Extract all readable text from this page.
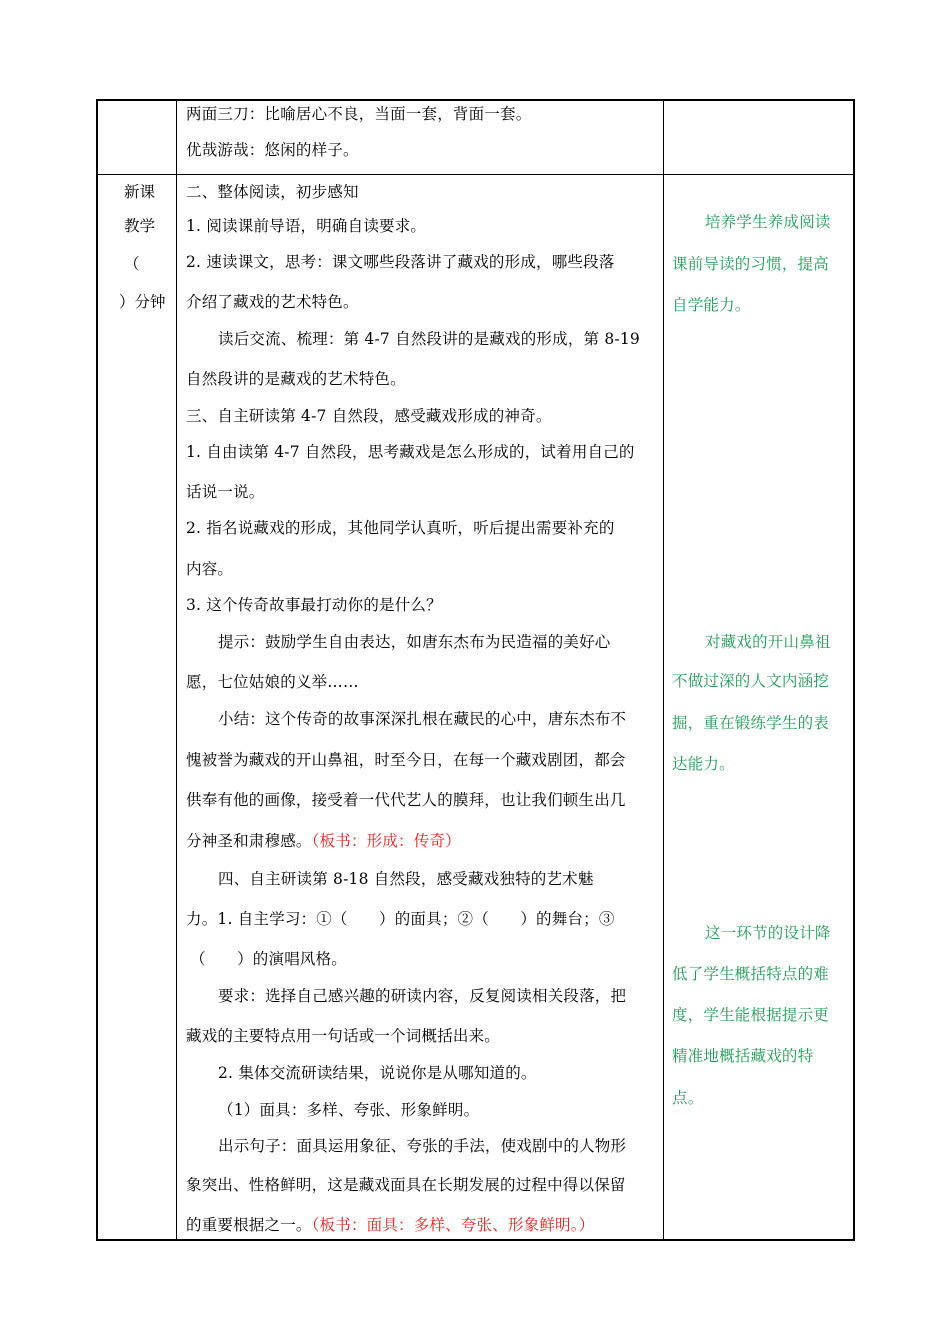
两面三刀：比喻居心不良，当面一套，背面一套。
优哉游哉：悠闲的样子。
新课
教学
（
）分钟
二、整体阅读，初步感知
1. 阅读课前导语，明确自读要求。
2. 速读课文，思考：课文哪些段落讲了藏戏的形成，哪些段落
介绍了藏戏的艺术特色。
读后交流、梳理：第 4-7 自然段讲的是藏戏的形成，第 8-19
自然段讲的是藏戏的艺术特色。
三、自主研读第 4-7 自然段，感受藏戏形成的神奇。
1. 自由读第 4-7 自然段，思考藏戏是怎么形成的，试着用自己的
话说一说。
2. 指名说藏戏的形成，其他同学认真听，听后提出需要补充的
内容。
3. 这个传奇故事最打动你的是什么？
提示：鼓励学生自由表达，如唐东杰布为民造福的美好心
愿，七位姑娘的义举……
小结：这个传奇的故事深深扎根在藏民的心中，唐东杰布不
愧被誉为藏戏的开山鼻祖，时至今日，在每一个藏戏剧团，都会
供奉有他的画像，接受着一代代艺人的膜拜，也让我们顿生出几
分神圣和肃穆感。（板书：形成：传奇）
四、自主研读第 8-18 自然段，感受藏戏独特的艺术魅
力。1. 自主学习：①（　　）的面具；②（　　）的舞台；③
（　　）的演唱风格。
要求：选择自己感兴趣的研读内容，反复阅读相关段落，把
藏戏的主要特点用一句话或一个词概括出来。
2. 集体交流研读结果，说说你是从哪知道的。
（1）面具：多样、夸张、形象鲜明。
出示句子：面具运用象征、夸张的手法，使戏剧中的人物形
象突出、性格鲜明，这是藏戏面具在长期发展的过程中得以保留
的重要根据之一。（板书：面具：多样、夸张、形象鲜明。）
培养学生养成阅读
课前导读的习惯，提高
自学能力。
对藏戏的开山鼻祖
不做过深的人文内涵挖
掘，重在锻练学生的表
达能力。
这一环节的设计降
低了学生概括特点的难
度，学生能根据提示更
精准地概括藏戏的特
点。
